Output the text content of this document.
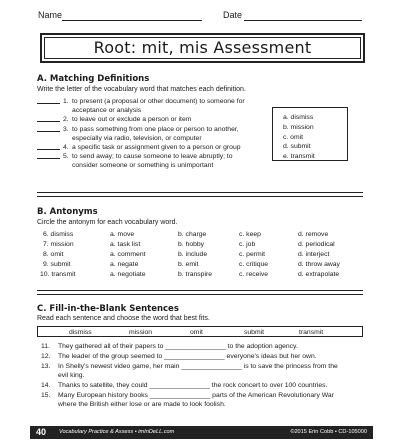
Name	Date
Root: mit, mis Assessment
A. Matching Definitions
Write the letter of the vocabulary word that matches each definition.
1. to present (a proposal or other document) to someone for
acceptance or analysis
2. to leave out or exclude a person or item
3. to pass something from one place or person to another,
especially via radio, television, or computer
4. a specific task or assignment given to a person or group
5. to send away; to cause someone to leave abruptly; to
consider someone or something is unimportant
a. dismiss
b. mission
c. omit
d. submit
e. transmit
B. Antonyms
Circle the antonym for each vocabulary word.
6. dismiss	a. move	b. charge	c. keep	d. remove
7. mission	a. task list	b. hobby	c. job	d. periodical
8. omit	a. comment	b. include	c. permit	d. interject
9. submit	a. negate	b. emit	c. critique	d. throw away
10. transmit	a. negotiate	b. transpire	c. receive	d. extrapolate
C. Fill-in-the-Blank Sentences
Read each sentence and choose the word that best fits.
dismiss	mission	omit	submit	transmit
11. They gathered all of their papers to ________________ to the adoption agency.
12. The leader of the group seemed to ________________ everyone's ideas but her own.
13. In Shelly's newest video game, her main ________________ is to save the princess from the
evil king.
14. Thanks to satellite, they could ________________ the rock concert to over 100 countries.
15. Many European history books ________________ parts of the American Revolutionary War
where the British either lose or are made to look foolish.
40 Vocabulary Practice & Assess • imInDeLL.com	©2015 Erin Cobb • CD-105000
